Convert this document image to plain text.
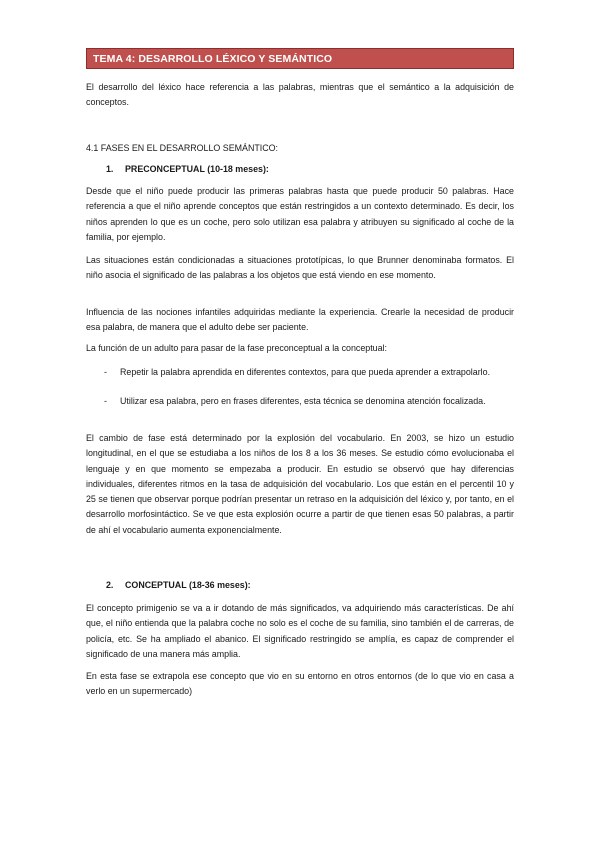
TEMA 4: DESARROLLO LÉXICO Y SEMÁNTICO

El desarrollo del léxico hace referencia a las palabras, mientras que el semántico a la adquisición de conceptos.

4.1 FASES EN EL DESARROLLO SEMÁNTICO:
1. PRECONCEPTUAL (10-18 meses):

Desde que el niño puede producir las primeras palabras hasta que puede producir 50 palabras. Hace referencia a que el niño aprende conceptos que están restringidos a un contexto determinado. Es decir, los niños aprenden lo que es un coche, pero solo utilizan esa palabra y atribuyen su significado al coche de la familia, por ejemplo.

Las situaciones están condicionadas a situaciones prototípicas, lo que Brunner denominaba formatos. El niño asocia el significado de las palabras a los objetos que está viendo en ese momento.

Influencia de las nociones infantiles adquiridas mediante la experiencia. Crearle la necesidad de producir esa palabra, de manera que el adulto debe ser paciente.

La función de un adulto para pasar de la fase preconceptual a la conceptual:

-	Repetir la palabra aprendida en diferentes contextos, para que pueda aprender a extrapolarlo.
-	Utilizar esa palabra, pero en frases diferentes, esta técnica se denomina atención focalizada.

El cambio de fase está determinado por la explosión del vocabulario. En 2003, se hizo un estudio longitudinal, en el que se estudiaba a los niños de los 8 a los 36 meses. Se estudio cómo evolucionaba el lenguaje y en que momento se empezaba a producir. En estudio se observó que hay diferencias individuales, diferentes ritmos en la tasa de adquisición del vocabulario. Los que están en el percentil 10 y 25 se tienen que observar porque podrían presentar un retraso en la adquisición del léxico y, por tanto, en el desarrollo morfosintáctico. Se ve que esta explosión ocurre a partir de que tienen esas 50 palabras, a partir de ahí el vocabulario aumenta exponencialmente.

2. CONCEPTUAL (18-36 meses):

El concepto primigenio se va a ir dotando de más significados, va adquiriendo más características. De ahí que, el niño entienda que la palabra coche no solo es el coche de su familia, sino también el de carreras, de policía, etc. Se ha ampliado el abanico. El significado restringido se amplía, es capaz de comprender el significado de una manera más amplia.

En esta fase se extrapola ese concepto que vio en su entorno en otros entornos (de lo que vio en casa a verlo en un supermercado)
